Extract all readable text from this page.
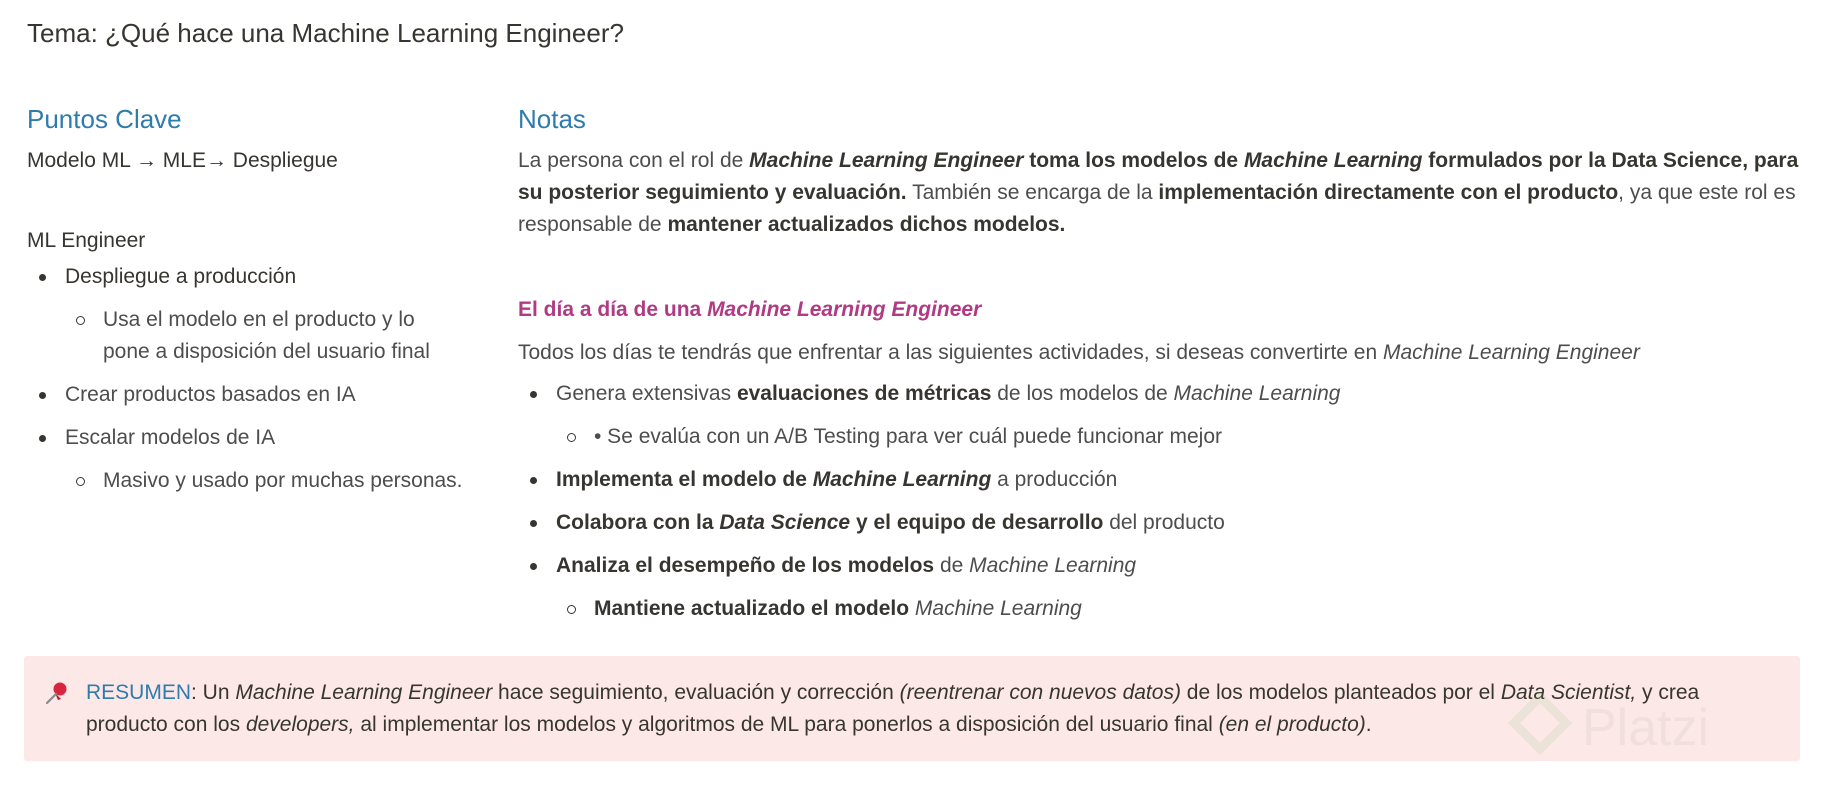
Tema: ¿Qué hace una Machine Learning Engineer?
Puntos Clave

Modelo ML → MLE→ Despliegue

ML Engineer

Despliegue a producción
Usa el modelo en el producto y lo pone a disposición del usuario final
Crear productos basados en IA
Escalar modelos de IA
Masivo y usado por muchas personas.
Notas

La persona con el rol de Machine Learning Engineer toma los modelos de Machine Learning formulados por la Data Science, para su posterior seguimiento y evaluación. También se encarga de la implementación directamente con el producto, ya que este rol es responsable de mantener actualizados dichos modelos.

El día a día de una Machine Learning Engineer

Todos los días te tendrás que enfrentar a las siguientes actividades, si deseas convertirte en Machine Learning Engineer

Genera extensivas evaluaciones de métricas de los modelos de Machine Learning
• Se evalúa con un A/B Testing para ver cuál puede funcionar mejor
Implementa el modelo de Machine Learning a producción
Colabora con la Data Science y el equipo de desarrollo del producto
Analiza el desempeño de los modelos de Machine Learning
Mantiene actualizado el modelo Machine Learning
RESUMEN: Un Machine Learning Engineer hace seguimiento, evaluación y corrección (reentrenar con nuevos datos) de los modelos planteados por el Data Scientist, y crea producto con los developers, al implementar los modelos y algoritmos de ML para ponerlos a disposición del usuario final (en el producto).	Platzi
